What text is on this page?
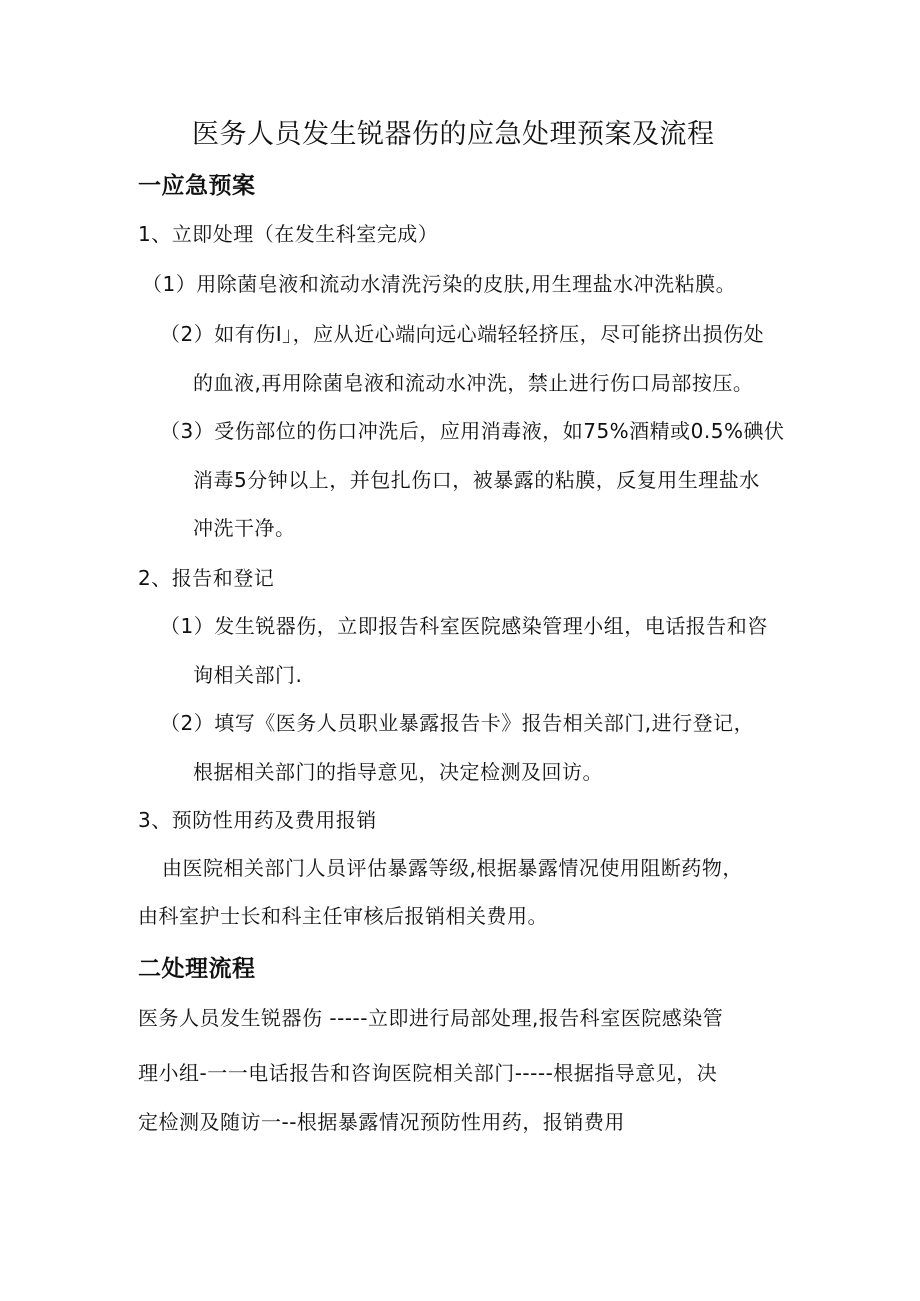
医务人员发生锐器伤的应急处理预案及流程
一应急预案
1、立即处理（在发生科室完成）
（1）用除菌皂液和流动水清洗污染的皮肤,用生理盐水冲洗粘膜。
（2）如有伤I」，应从近心端向远心端轻轻挤压，尽可能挤出损伤处
的血液,再用除菌皂液和流动水冲洗，禁止进行伤口局部按压。
（3）受伤部位的伤口冲洗后，应用消毒液，如75%酒精或0.5%碘伏
消毒5分钟以上，并包扎伤口，被暴露的粘膜，反复用生理盐水
冲洗干净。
2、报告和登记
（1）发生锐器伤，立即报告科室医院感染管理小组，电话报告和咨
询相关部门.
（2）填写《医务人员职业暴露报告卡》报告相关部门,进行登记，
根据相关部门的指导意见，决定检测及回访。
3、预防性用药及费用报销
由医院相关部门人员评估暴露等级,根据暴露情况使用阻断药物，
由科室护士长和科主任审核后报销相关费用。
二处理流程
医务人员发生锐器伤 -----立即进行局部处理,报告科室医院感染管
理小组-一一电话报告和咨询医院相关部门-----根据指导意见，决
定检测及随访一--根据暴露情况预防性用药，报销费用
